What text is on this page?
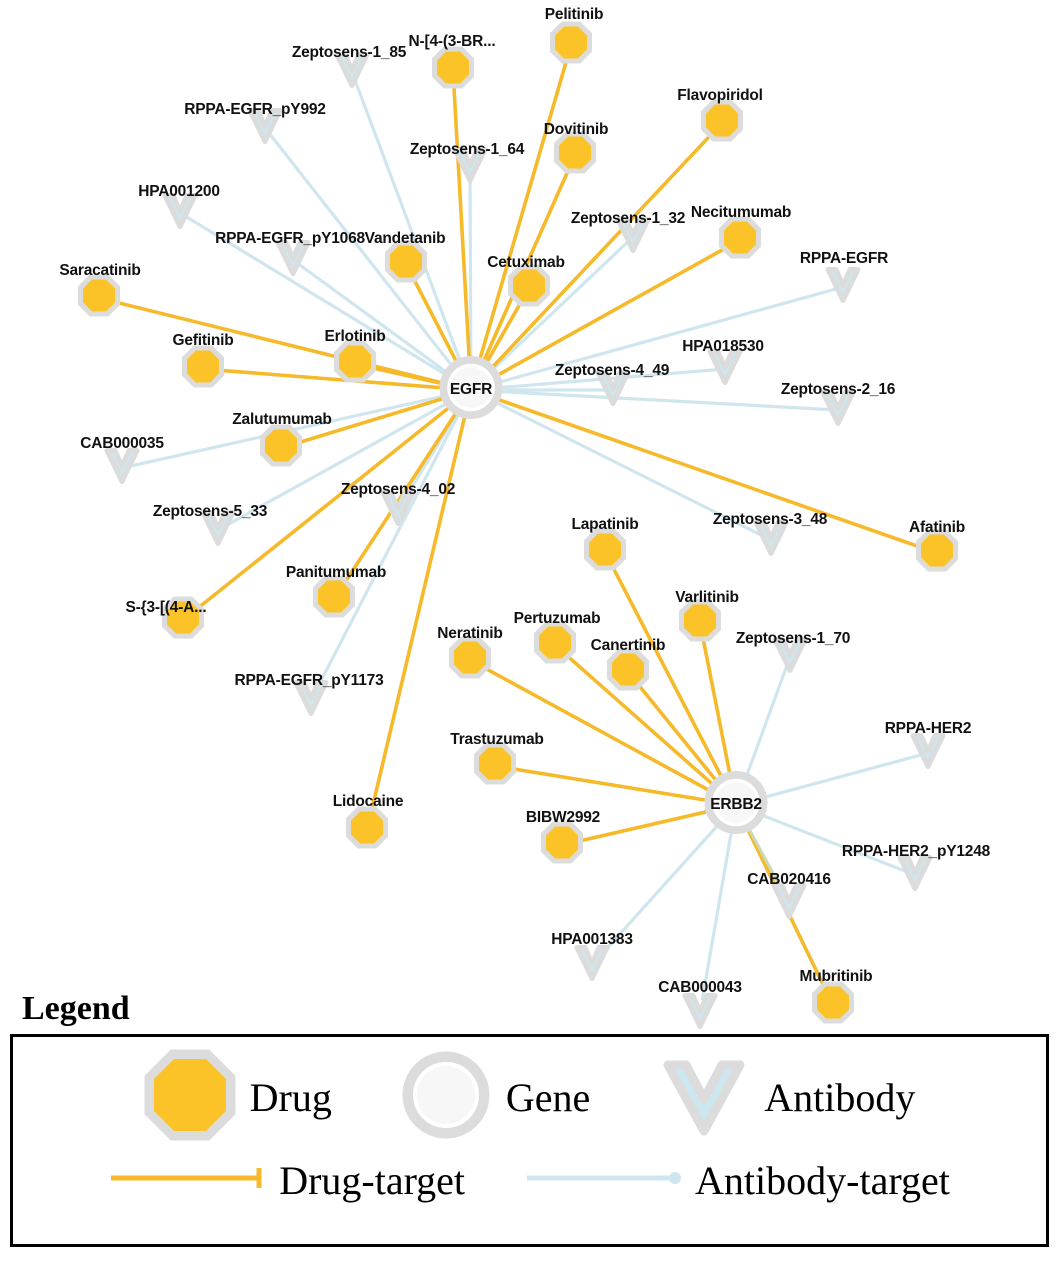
Zeptosens-1_85
RPPA-EGFR_pY992
Zeptosens-1_64
HPA001200
Zeptosens-1_32
RPPA-EGFR_pY1068
RPPA-EGFR
HPA018530
Zeptosens-4_49
Zeptosens-2_16
CAB000035
Zeptosens-4_02
Zeptosens-5_33	Zeptosens-3_48
RPPA-EGFR_pY1173
Zeptosens-1_70
RPPA-HER2
RPPA-HER2_pY1248
CAB020416
HPA001383
CAB000043
Pelitinib
N-[4-(3-BR...
Dovitinib
Flavopiridol
Necitumumab
Vandetanib
Cetuximab
Saracatinib
Gefitinib	Erlotinib
Zalutumumab
Afatinib
Lapatinib
Varlitinib
Panitumumab
S-{3-[(4-A...
Pertuzumab
Neratinib
Canertinib
Trastuzumab
Lidocaine
BIBW2992
Mubritinib
EGFR
ERBB2
Legend
Drug	Gene	Antibody
Drug-target	Antibody-target
